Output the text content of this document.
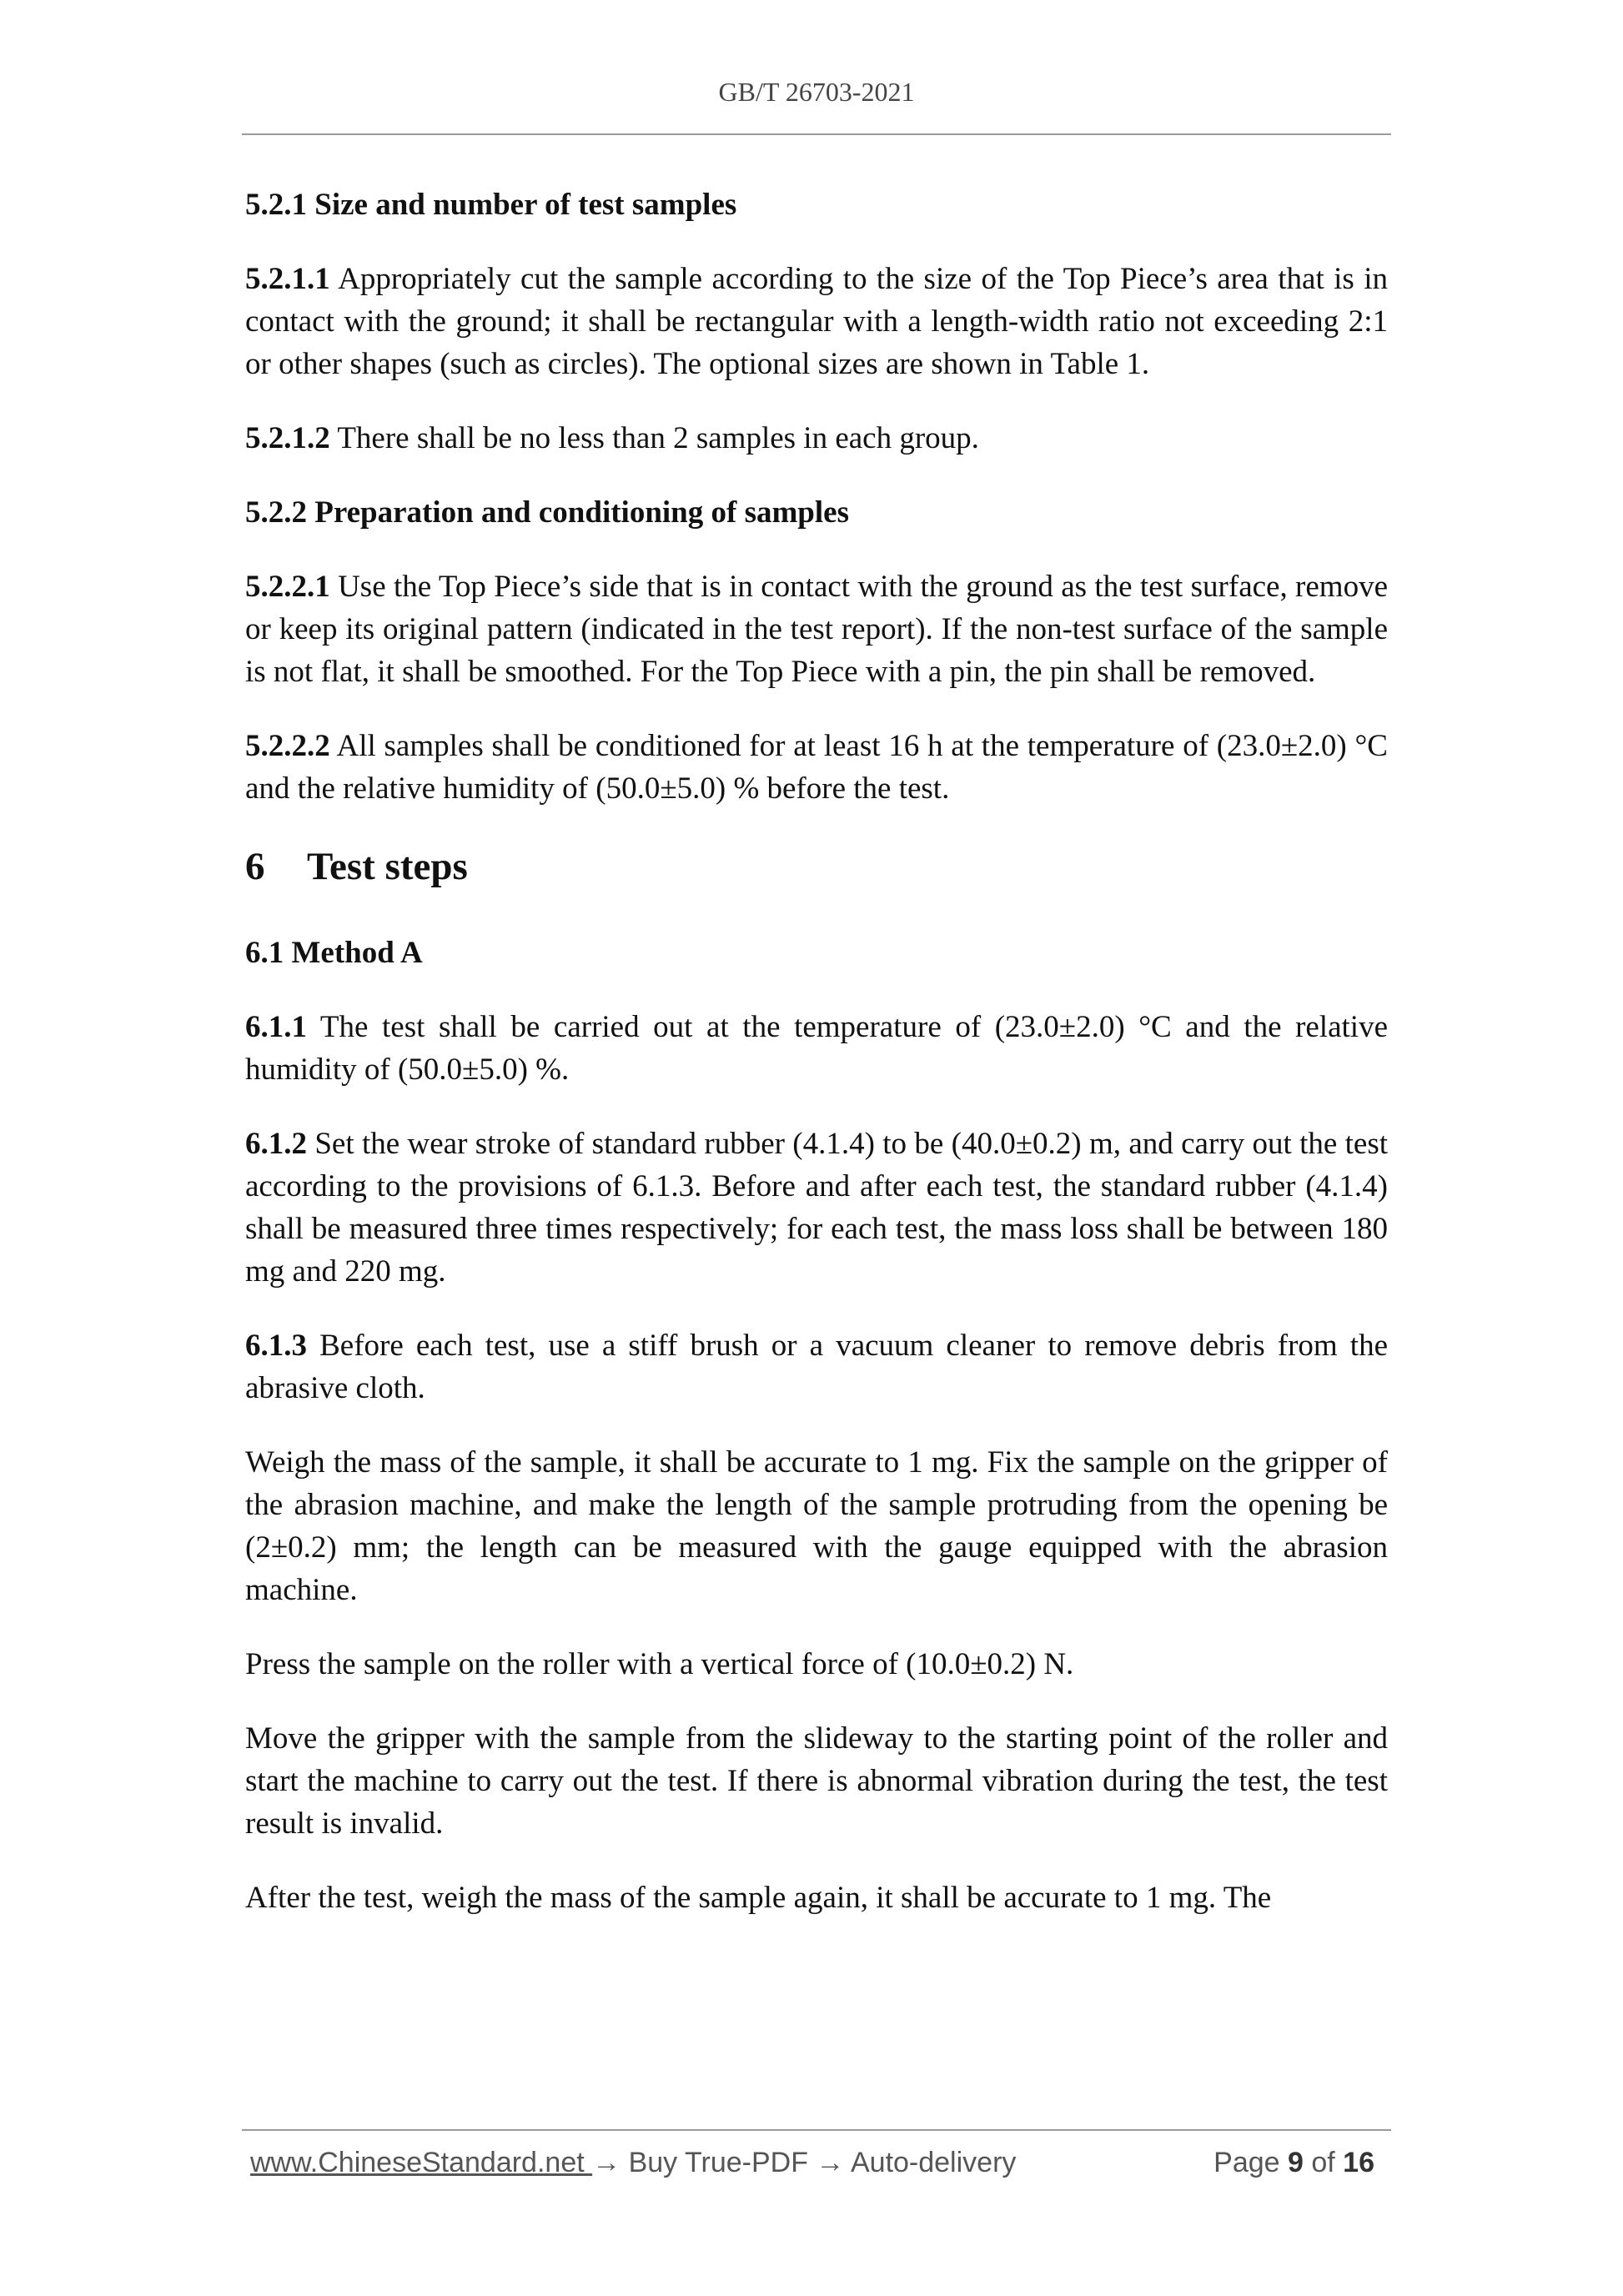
GB/T 26703-2021

5.2.1 Size and number of test samples

5.2.1.1 Appropriately cut the sample according to the size of the Top Piece’s area that is in contact with the ground; it shall be rectangular with a length-width ratio not exceeding 2:1 or other shapes (such as circles). The optional sizes are shown in Table 1.

5.2.1.2 There shall be no less than 2 samples in each group.

5.2.2 Preparation and conditioning of samples

5.2.2.1 Use the Top Piece’s side that is in contact with the ground as the test surface, remove or keep its original pattern (indicated in the test report). If the non-test surface of the sample is not flat, it shall be smoothed. For the Top Piece with a pin, the pin shall be removed.

5.2.2.2 All samples shall be conditioned for at least 16 h at the temperature of (23.0±2.0) °C and the relative humidity of (50.0±5.0) % before the test.

6 Test steps

6.1 Method A

6.1.1 The test shall be carried out at the temperature of (23.0±2.0) °C and the relative humidity of (50.0±5.0) %.

6.1.2 Set the wear stroke of standard rubber (4.1.4) to be (40.0±0.2) m, and carry out the test according to the provisions of 6.1.3. Before and after each test, the standard rubber (4.1.4) shall be measured three times respectively; for each test, the mass loss shall be between 180 mg and 220 mg.

6.1.3 Before each test, use a stiff brush or a vacuum cleaner to remove debris from the abrasive cloth.

Weigh the mass of the sample, it shall be accurate to 1 mg. Fix the sample on the gripper of the abrasion machine, and make the length of the sample protruding from the opening be (2±0.2) mm; the length can be measured with the gauge equipped with the abrasion machine.

Press the sample on the roller with a vertical force of (10.0±0.2) N.

Move the gripper with the sample from the slideway to the starting point of the roller and start the machine to carry out the test. If there is abnormal vibration during the test, the test result is invalid.

After the test, weigh the mass of the sample again, it shall be accurate to 1 mg. The

www.ChineseStandard.net → Buy True-PDF → Auto-delivery	Page 9 of 16
